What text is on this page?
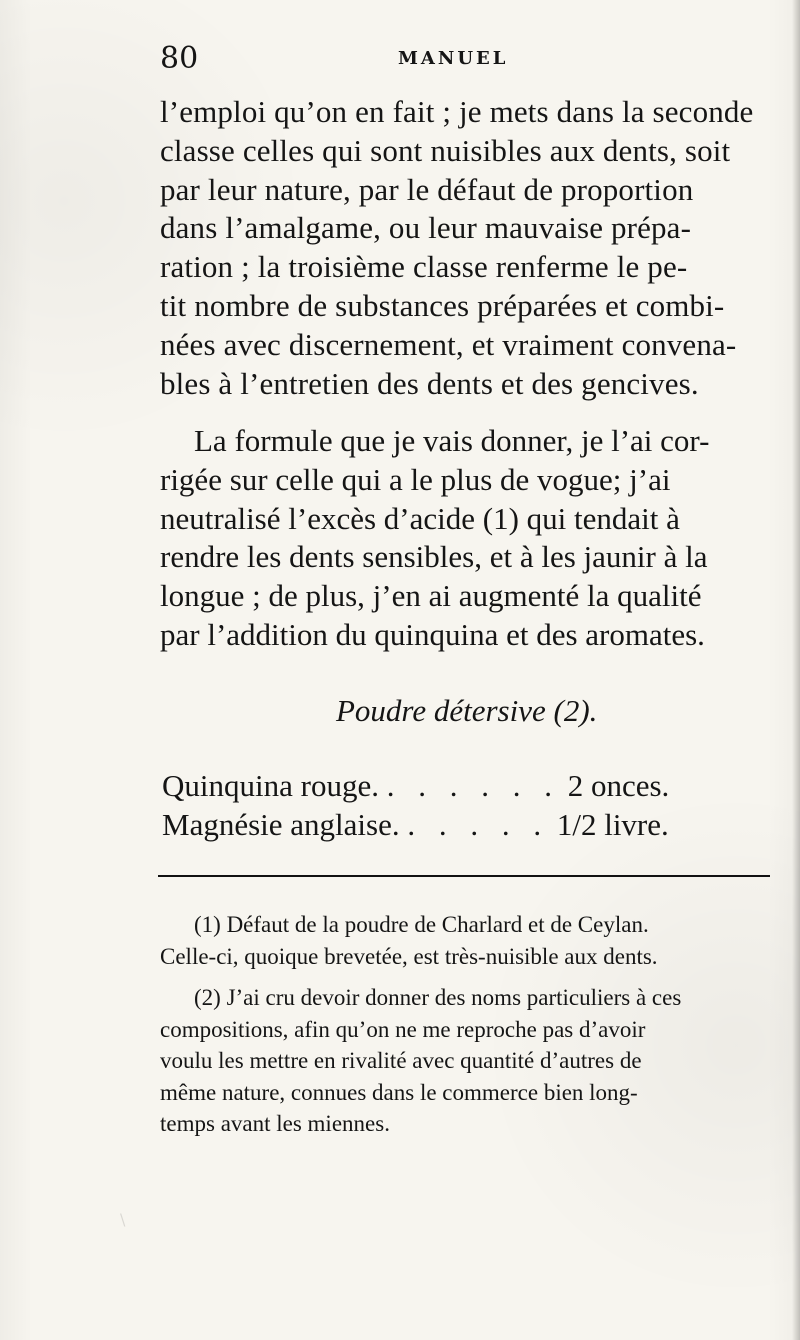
80	MANUEL
l’emploi qu’on en fait ; je mets dans la seconde
classe celles qui sont nuisibles aux dents, soit
par leur nature, par le défaut de proportion
dans l’amalgame, ou leur mauvaise prépa-
ration ; la troisième classe renferme le pe-
tit nombre de substances préparées et combi-
nées avec discernement, et vraiment convena-
bles à l’entretien des dents et des gencives.
La formule que je vais donner, je l’ai cor-
rigée sur celle qui a le plus de vogue; j’ai
neutralisé l’excès d’acide (1) qui tendait à
rendre les dents sensibles, et à les jaunir à la
longue ; de plus, j’en ai augmenté la qualité
par l’addition du quinquina et des aromates.
Poudre détersive (2).
Quinquina rouge. . . . . . . 2 onces.
Magnésie anglaise. . . . . . 1/2 livre.
(1) Défaut de la poudre de Charlard et de Ceylan.
Celle-ci, quoique brevetée, est très-nuisible aux dents.
(2) J’ai cru devoir donner des noms particuliers à ces
compositions, afin qu’on ne me reproche pas d’avoir
voulu les mettre en rivalité avec quantité d’autres de
même nature, connues dans le commerce bien long-
temps avant les miennes.
\
